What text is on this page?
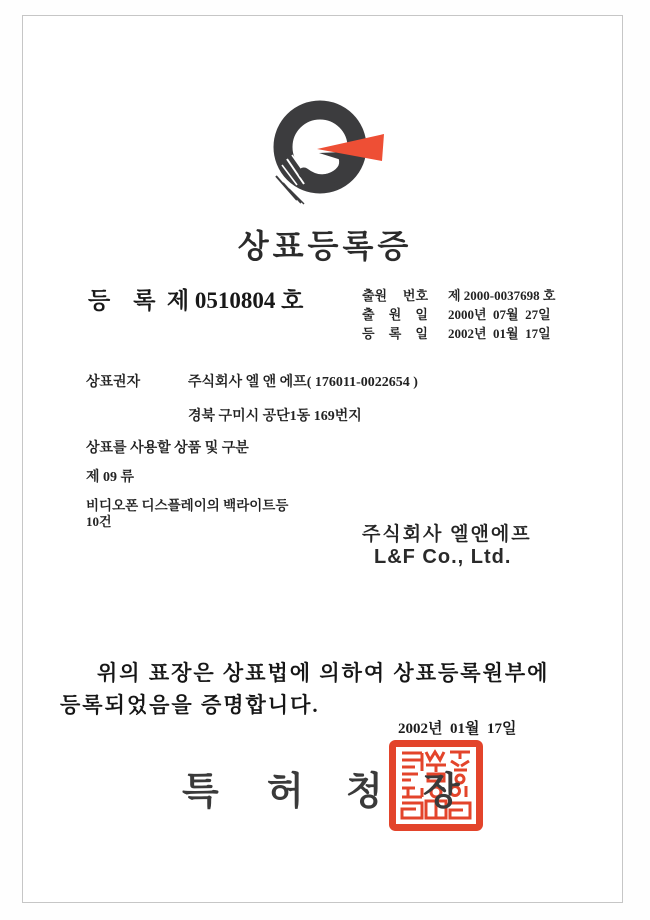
상표등록증
등    록  제 0510804 호	출원 번호 제 2000-0037698 호
출 원 일 2000년  07월  27일
등 록 일 2002년  01월  17일
상표권자	주식회사 엘 앤 에프( 176011-0022654 )
경북 구미시 공단1동 169번지
상표를 사용할 상품 및 구분
제 09 류
비디오폰 디스플레이의 백라이트등
10건
주식회사 엘앤에프
L&F Co., Ltd.
위의 표장은 상표법에 의하여 상표등록원부에
등록되었음을 증명합니다.
2002년  01월  17일
특 허 청 장
